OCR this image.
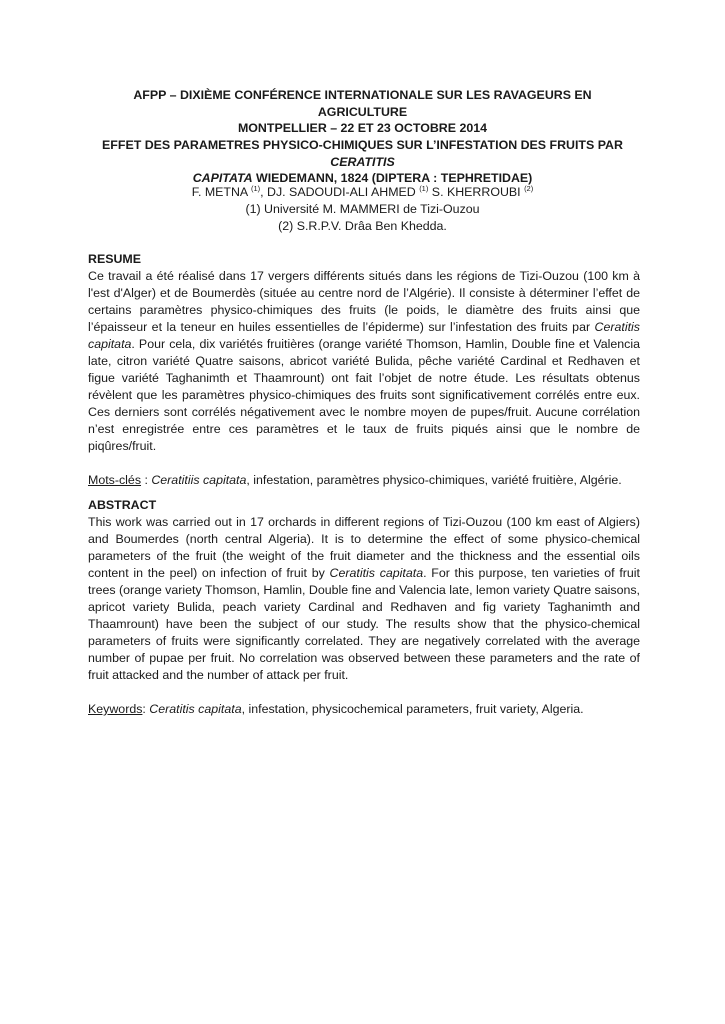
AFPP – DIXIÈME CONFÉRENCE INTERNATIONALE SUR LES RAVAGEURS EN AGRICULTURE
MONTPELLIER – 22 ET 23 OCTOBRE 2014
EFFET DES PARAMETRES PHYSICO-CHIMIQUES SUR L’INFESTATION DES FRUITS PAR CERATITIS
CAPITATA WIEDEMANN, 1824 (DIPTERA : TEPHRETIDAE)
F. METNA $^{(1)}$, DJ. SADOUDI-ALI AHMED $^{(1)}$ S. KHERROUBI $^{(2)}$
(1) Université M. MAMMERI de Tizi-Ouzou
(2) S.R.P.V. Drâa Ben Khedda.
RESUME
Ce travail a été réalisé dans 17 vergers différents situés dans les régions de Tizi-Ouzou (100 km à l'est d'Alger) et de Boumerdès (située au centre nord de l’Algérie). Il consiste à déterminer l’effet de certains paramètres physico-chimiques des fruits (le poids, le diamètre des fruits ainsi que l’épaisseur et la teneur en huiles essentielles de l’épiderme) sur l’infestation des fruits par Ceratitis capitata. Pour cela, dix variétés fruitières (orange variété Thomson, Hamlin, Double fine et Valencia late, citron variété Quatre saisons, abricot variété Bulida, pêche variété Cardinal et Redhaven et figue variété Taghanimth et Thaamrount) ont fait l’objet de notre étude. Les résultats obtenus révèlent que les paramètres physico-chimiques des fruits sont significativement corrélés entre eux. Ces derniers sont corrélés négativement avec le nombre moyen de pupes/fruit. Aucune corrélation n’est enregistrée entre ces paramètres et le taux de fruits piqués ainsi que le nombre de piqûres/fruit.
Mots-clés : Ceratitiis capitata, infestation, paramètres physico-chimiques, variété fruitière, Algérie.
ABSTRACT
This work was carried out in 17 orchards in different regions of Tizi-Ouzou (100 km east of Algiers) and Boumerdes (north central Algeria). It is to determine the effect of some physico-chemical parameters of the fruit (the weight of the fruit diameter and the thickness and the essential oils content in the peel) on infection of fruit by Ceratitis capitata. For this purpose, ten varieties of fruit trees (orange variety Thomson, Hamlin, Double fine and Valencia late, lemon variety Quatre saisons, apricot variety Bulida, peach variety Cardinal and Redhaven and fig variety Taghanimth and Thaamrount) have been the subject of our study. The results show that the physico-chemical parameters of fruits were significantly correlated. They are negatively correlated with the average number of pupae per fruit. No correlation was observed between these parameters and the rate of fruit attacked and the number of attack per fruit.
Keywords: Ceratitis capitata, infestation, physicochemical parameters, fruit variety, Algeria.
